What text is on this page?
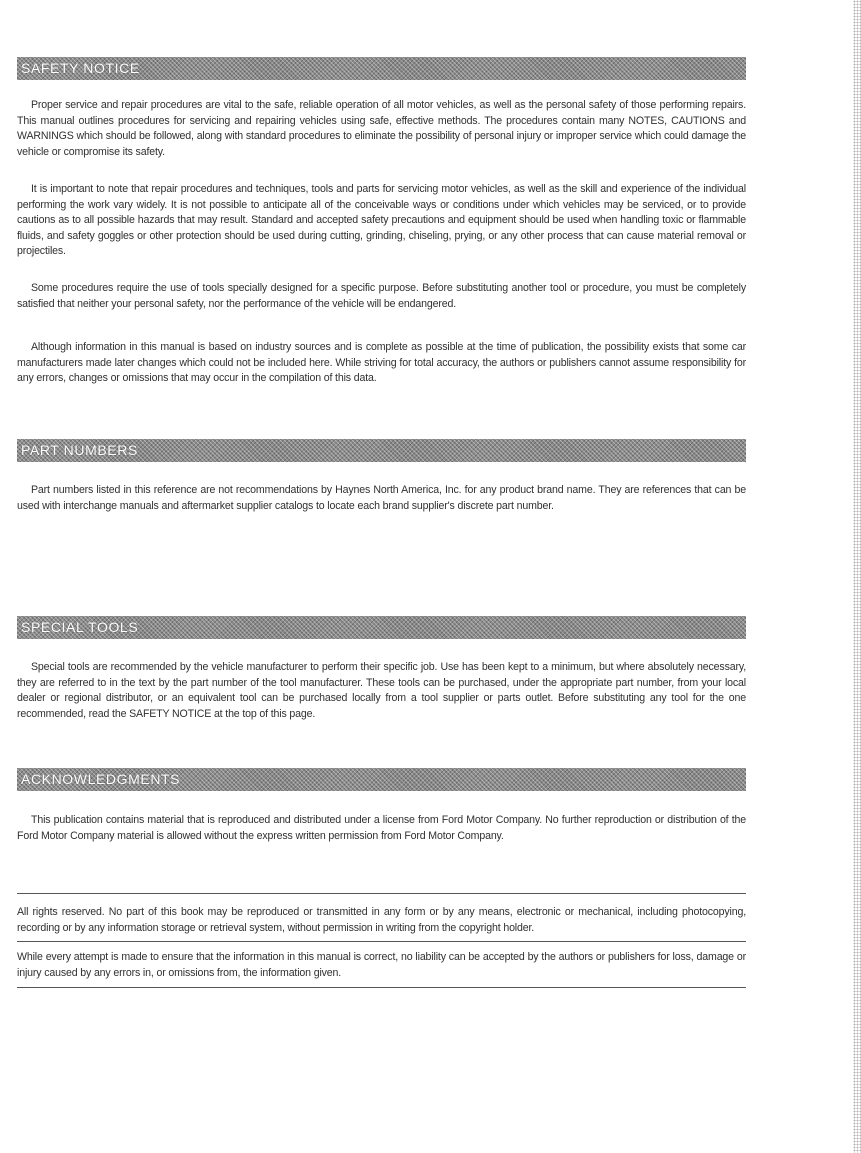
SAFETY NOTICE

Proper service and repair procedures are vital to the safe, reliable operation of all motor vehicles, as well as the personal safety of those performing repairs. This manual outlines procedures for servicing and repairing vehicles using safe, effective methods. The procedures contain many NOTES, CAUTIONS and WARNINGS which should be followed, along with standard procedures to eliminate the possibility of personal injury or improper service which could damage the vehicle or compromise its safety.

It is important to note that repair procedures and techniques, tools and parts for servicing motor vehicles, as well as the skill and experience of the individual performing the work vary widely. It is not possible to anticipate all of the conceivable ways or conditions under which vehicles may be serviced, or to provide cautions as to all possible hazards that may result. Standard and accepted safety precautions and equipment should be used when handling toxic or flammable fluids, and safety goggles or other protection should be used during cutting, grinding, chiseling, prying, or any other process that can cause material removal or projectiles.

Some procedures require the use of tools specially designed for a specific purpose. Before substituting another tool or procedure, you must be completely satisfied that neither your personal safety, nor the performance of the vehicle will be endangered.

Although information in this manual is based on industry sources and is complete as possible at the time of publication, the possibility exists that some car manufacturers made later changes which could not be included here. While striving for total accuracy, the authors or publishers cannot assume responsibility for any errors, changes or omissions that may occur in the compilation of this data.

PART NUMBERS

Part numbers listed in this reference are not recommendations by Haynes North America, Inc. for any product brand name. They are references that can be used with interchange manuals and aftermarket supplier catalogs to locate each brand supplier's discrete part number.

SPECIAL TOOLS

Special tools are recommended by the vehicle manufacturer to perform their specific job. Use has been kept to a minimum, but where absolutely necessary, they are referred to in the text by the part number of the tool manufacturer. These tools can be purchased, under the appropriate part number, from your local dealer or regional distributor, or an equivalent tool can be purchased locally from a tool supplier or parts outlet. Before substituting any tool for the one recommended, read the SAFETY NOTICE at the top of this page.

ACKNOWLEDGMENTS

This publication contains material that is reproduced and distributed under a license from Ford Motor Company. No further reproduction or distribution of the Ford Motor Company material is allowed without the express written permission from Ford Motor Company.

All rights reserved. No part of this book may be reproduced or transmitted in any form or by any means, electronic or mechanical, including photocopying, recording or by any information storage or retrieval system, without permission in writing from the copyright holder.

While every attempt is made to ensure that the information in this manual is correct, no liability can be accepted by the authors or publishers for loss, damage or injury caused by any errors in, or omissions from, the information given.
